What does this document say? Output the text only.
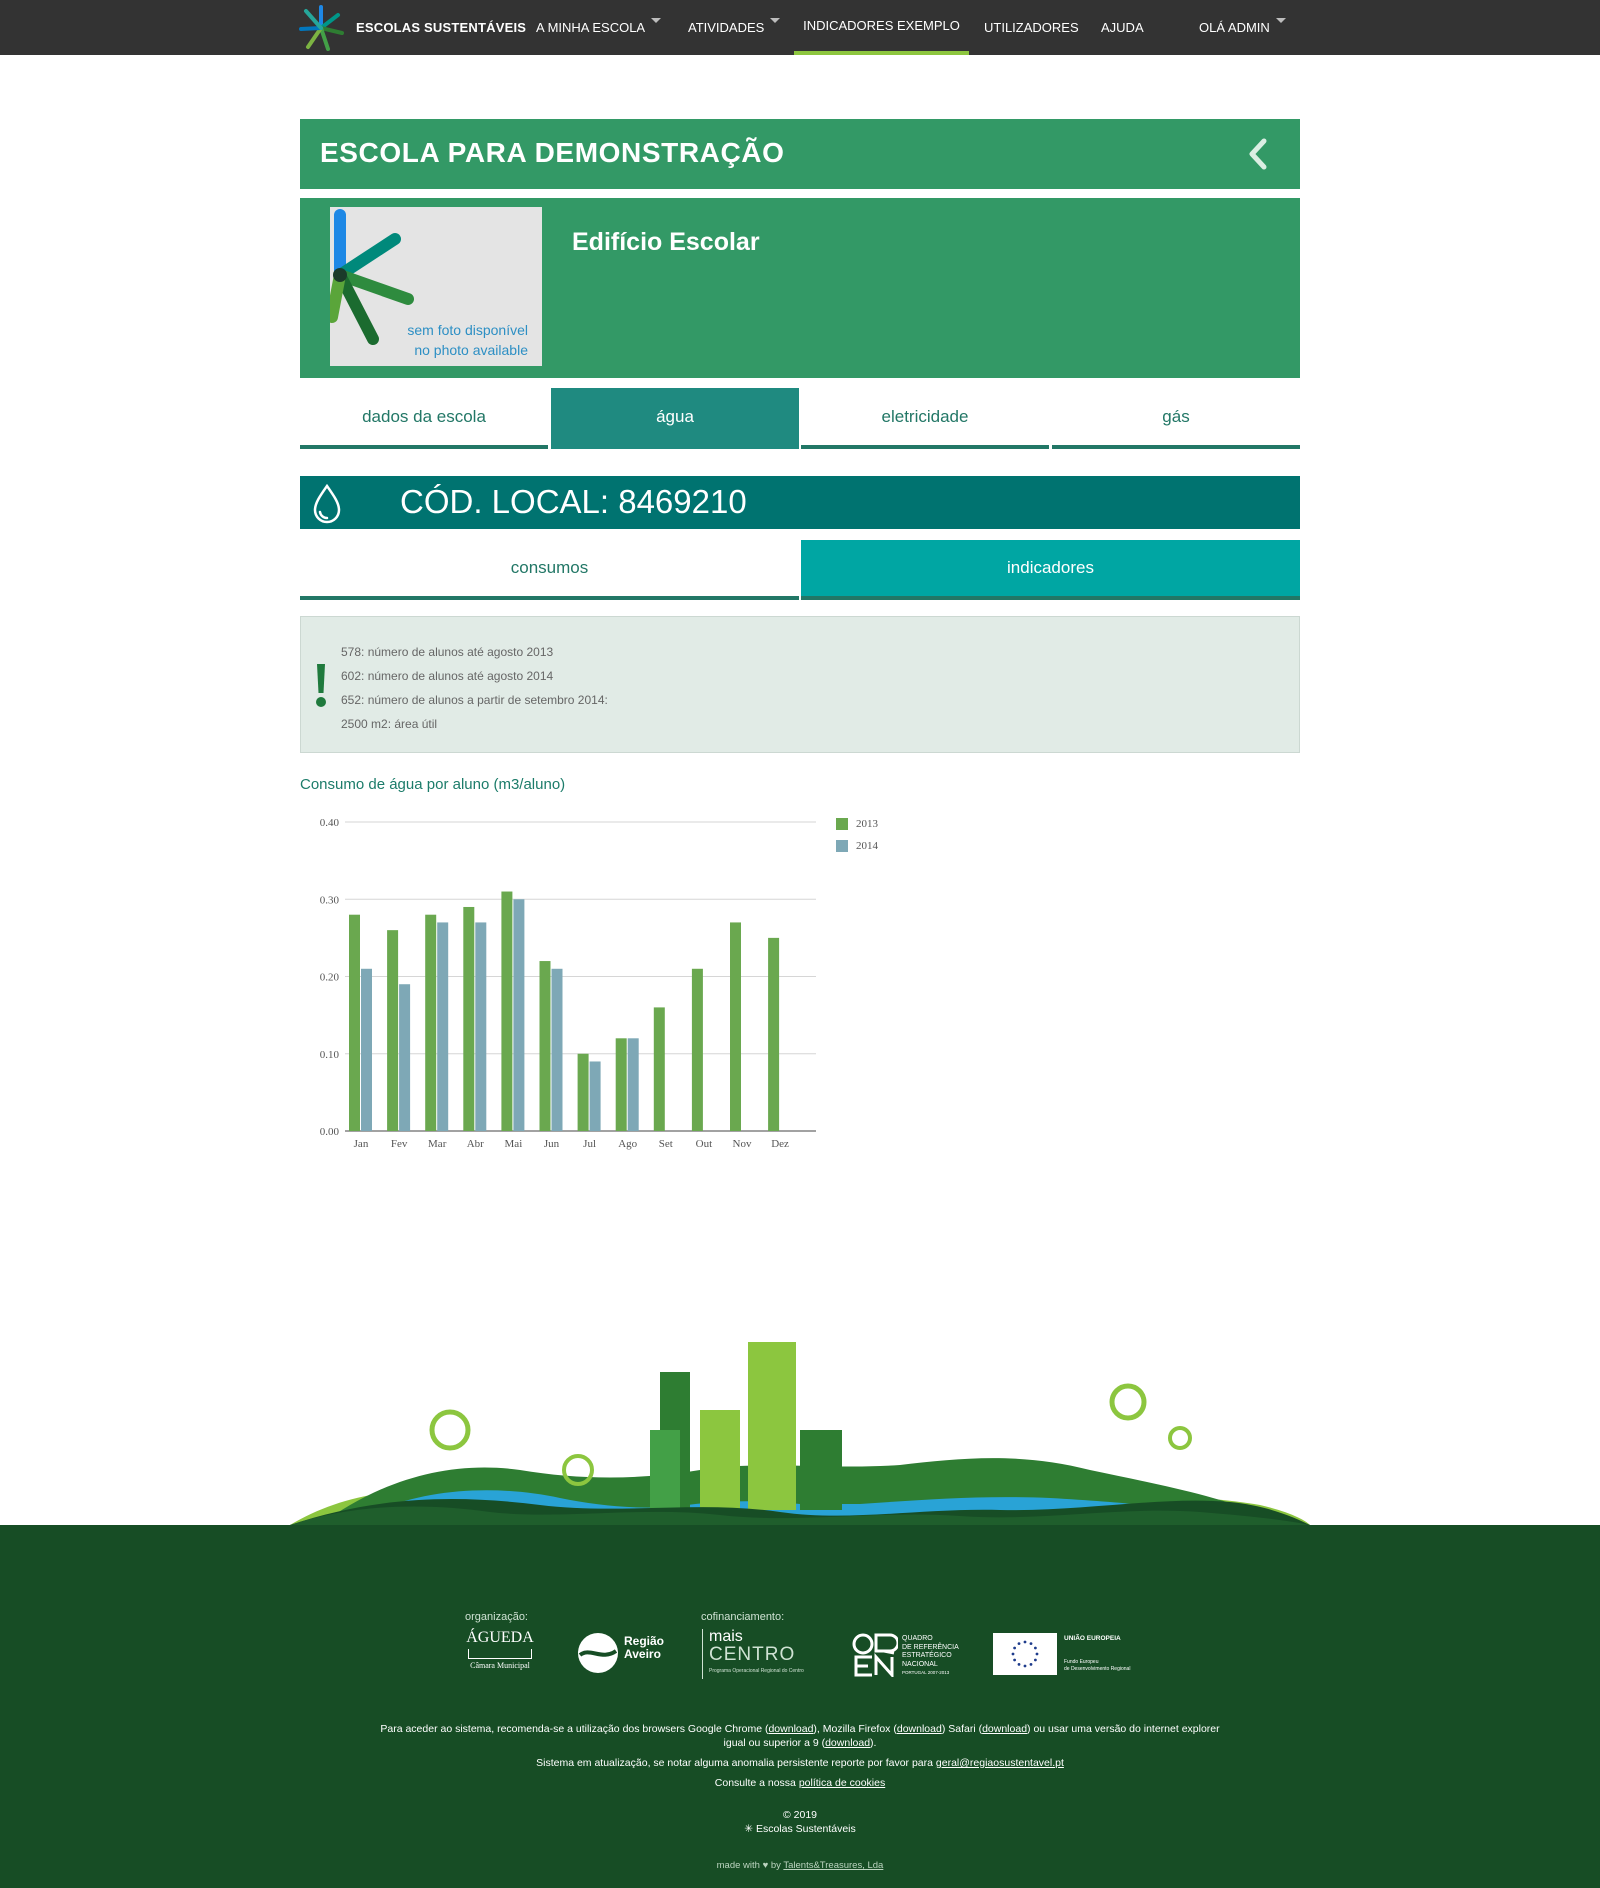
ESCOLAS SUSTENTÁVEIS A MINHA ESCOLA	ATIVIDADES	INDICADORES EXEMPLO UTILIZADORES AJUDA	OLÁ ADMIN
ESCOLA PARA DEMONSTRAÇÃO
sem foto disponível
no photo available
Edifício Escolar
dados da escola	água	eletricidade	gás
CÓD. LOCAL: 8469210
consumos	indicadores
578: número de alunos até agosto 2013
602: número de alunos até agosto 2014
652: número de alunos a partir de setembro 2014:
2500 m2: área útil
Consumo de água por aluno (m3/aluno)
0.00
0.10
0.20
0.30
0.40
Jan Fev Mar Abr Mai Jun Jul Ago Set Out Nov Dez
2013
2014
organização:	cofinanciamento:
ÁGUEDA
Câmara Municipal
Região
Aveiro
mais
CENTRO
Programa Operacional Regional do Centro
QUADRO
DE REFERÊNCIA
ESTRATÉGICO
NACIONAL
PORTUGAL 2007-2013
UNIÃO EUROPEIA
Fundo Europeu
de Desenvolvimento Regional
Para aceder ao sistema, recomenda-se a utilização dos browsers Google Chrome (download), Mozilla Firefox (download) Safari (download) ou usar uma versão do internet explorer
igual ou superior a 9 (download).
Sistema em atualização, se notar alguma anomalia persistente reporte por favor para geral@regiaosustentavel.pt
Consulte a nossa política de cookies
© 2019
✳ Escolas Sustentáveis
made with ♥ by Talents&Treasures, Lda
